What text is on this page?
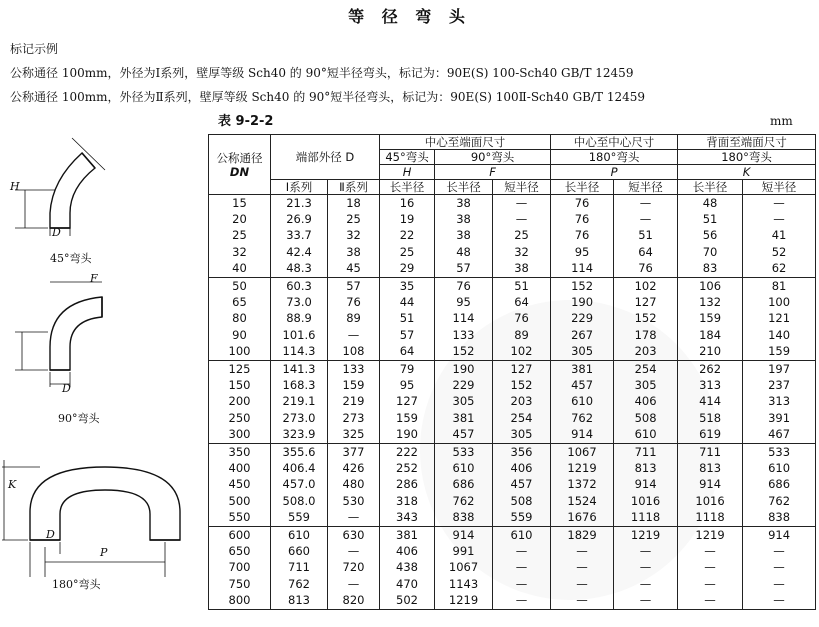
等 径 弯 头
标记示例
公称通径 100mm，外径为Ⅰ系列，壁厚等级 Sch40 的 90°短半径弯头，标记为：90E(S) 100-Sch40 GB/T 12459
公称通径 100mm，外径为Ⅱ系列，壁厚等级 Sch40 的 90°短半径弯头，标记为：90E(S) 100Ⅱ-Sch40 GB/T 12459
表 9-2-2	mm
H
D
45°弯头
F
D
90°弯头
K
D
P
180°弯头
公称通径
DN	端部外径 D		中心至端面尺寸			中心至中心尺寸		背面至端面尺寸	
			45°弯头	90°弯头		180°弯头		180°弯头	
			H	F		P		K	
	Ⅰ系列	Ⅱ系列	长半径	长半径	短半径	长半径	短半径	长半径	短半径
15	21.3	18	16	38	—	76	—	48	—
20	26.9	25	19	38	—	76	—	51	—
25	33.7	32	22	38	25	76	51	56	41
32	42.4	38	25	48	32	95	64	70	52
40	48.3	45	29	57	38	114	76	83	62
50	60.3	57	35	76	51	152	102	106	81
65	73.0	76	44	95	64	190	127	132	100
80	88.9	89	51	114	76	229	152	159	121
90	101.6	—	57	133	89	267	178	184	140
100	114.3	108	64	152	102	305	203	210	159
125	141.3	133	79	190	127	381	254	262	197
150	168.3	159	95	229	152	457	305	313	237
200	219.1	219	127	305	203	610	406	414	313
250	273.0	273	159	381	254	762	508	518	391
300	323.9	325	190	457	305	914	610	619	467
350	355.6	377	222	533	356	1067	711	711	533
400	406.4	426	252	610	406	1219	813	813	610
450	457.0	480	286	686	457	1372	914	914	686
500	508.0	530	318	762	508	1524	1016	1016	762
550	559	—	343	838	559	1676	1118	1118	838
600	610	630	381	914	610	1829	1219	1219	914
650	660	—	406	991	—	—	—	—	—
700	711	720	438	1067	—	—	—	—	—
750	762	—	470	1143	—	—	—	—	—
800	813	820	502	1219	—	—	—	—	—
